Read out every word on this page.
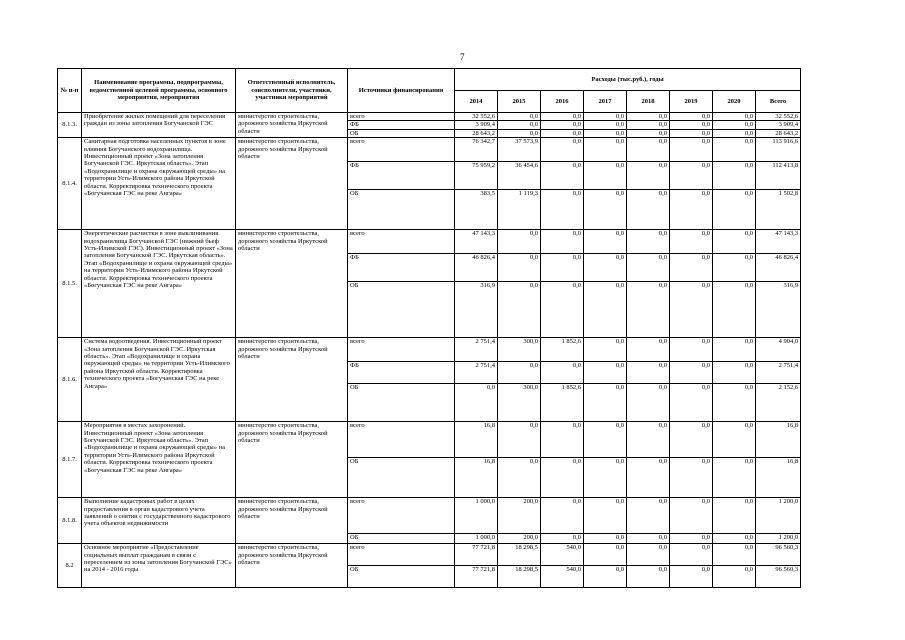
7
№ п-п	Наименование программы, подпрограммы, ведомственной целевой программы, основного мероприятия, мероприятия	Ответственный исполнитель, соисполнители, участники, участники мероприятий	Источники финансирования	Расходы (тыс.руб.), годы							
				2014	2015	2016	2017	2018	2019	2020	Всего
8.1.3.	Приобретение жилых помещений для переселения граждан из зоны затопления Богучанской ГЭС	министерство строительства, дорожного хозяйства Иркутской области	всего	32 552,6	0,0	0,0	0,0	0,0	0,0	0,0	32 552,6
			ФБ	3 909,4	0,0	0,0	0,0	0,0	0,0	0,0	3 909,4
			ОБ	28 643,2	0,0	0,0	0,0	0,0	0,0	0,0	28 643,2
8.1.4.	Санитарная подготовка населенных пунктов в зоне влияния Богучанского водохранилища. Инвестиционный проект «Зона затопления Богучанской ГЭС. Иркутская область». Этап «Водохранилище и охрана окружающей среды» на территории Усть-Илимского района Иркутской области. Корректировка технического проекта «Богучанская ГЭС на реке Ангара»	министерство строительства, дорожного хозяйства Иркутской области	всего	76 342,7	37 573,9	0,0	0,0	0,0	0,0	0,0	113 916,6
			ФБ	75 959,2	36 454,6	0,0	0,0	0,0	0,0	0,0	112 413,8
			ОБ	383,5	1 119,3	0,0	0,0	0,0	0,0	0,0	1 502,8
8.1.5.	Энергетические расчистки в зоне выклинивания водохранилища Богучанской ГЭС (нижний бьеф Усть-Илимской ГЭС). Инвестиционный проект «Зона затопления Богучанской ГЭС. Иркутская область». Этап «Водохранилище и охрана окружающей среды» на территории Усть-Илимского района Иркутской области. Корректировка технического проекта «Богучанская ГЭС на реке Ангара»	министерство строительства, дорожного хозяйства Иркутской области	всего	47 143,3	0,0	0,0	0,0	0,0	0,0	0,0	47 143,3
			ФБ	46 826,4	0,0	0,0	0,0	0,0	0,0	0,0	46 826,4
			ОБ	316,9	0,0	0,0	0,0	0,0	0,0	0,0	316,9
8.1.6.	Система водоотведения. Инвестиционный проект «Зона затопления Богучанской ГЭС. Иркутская область». Этап «Водохранилище и охрана окружающей среды» на территории Усть-Илимского района Иркутской области. Корректировка технического проекта «Богучанская ГЭС на реке Ангара»	министерство строительства, дорожного хозяйства Иркутской области	всего	2 751,4	300,0	1 852,6	0,0	0,0	0,0	0,0	4 904,0
			ФБ	2 751,4	0,0	0,0	0,0	0,0	0,0	0,0	2 751,4
			ОБ	0,0	300,0	1 852,6	0,0	0,0	0,0	0,0	2 152,6
8.1.7.	Мероприятия в местах захоронений. Инвестиционный проект «Зона затопления Богучанской ГЭС. Иркутская область». Этап «Водохранилище и охрана окружающей среды» на территории Усть-Илимского района Иркутской области. Корректировка технического проекта «Богучанская ГЭС на реке Ангара»	министерство строительства, дорожного хозяйства Иркутской области	всего	16,8	0,0	0,0	0,0	0,0	0,0	0,0	16,8
			ОБ	16,8	0,0	0,0	0,0	0,0	0,0	0,0	16,8
8.1.8.	Выполнение кадастровых работ в целях предоставления в орган кадастрового учета заявлений о снятии с государственного кадастрового учета объектов недвижимости	министерство строительства, дорожного хозяйства Иркутской области	всего	1 000,0	200,0	0,0	0,0	0,0	0,0	0,0	1 200,0
			ОБ	1 000,0	200,0	0,0	0,0	0,0	0,0	0,0	1 200,0
8.2	Основное мероприятие «Предоставление социальных выплат гражданам в связи с переселением из зоны затопления Богучанской ГЭС» на 2014 - 2016 годы	министерство строительства, дорожного хозяйства Иркутской области	всего	77 721,8	18 298,5	540,0	0,0	0,0	0,0	0,0	96 560,3
			ОБ	77 721,8	18 298,5	540,0	0,0	0,0	0,0	0,0	96 560,3
